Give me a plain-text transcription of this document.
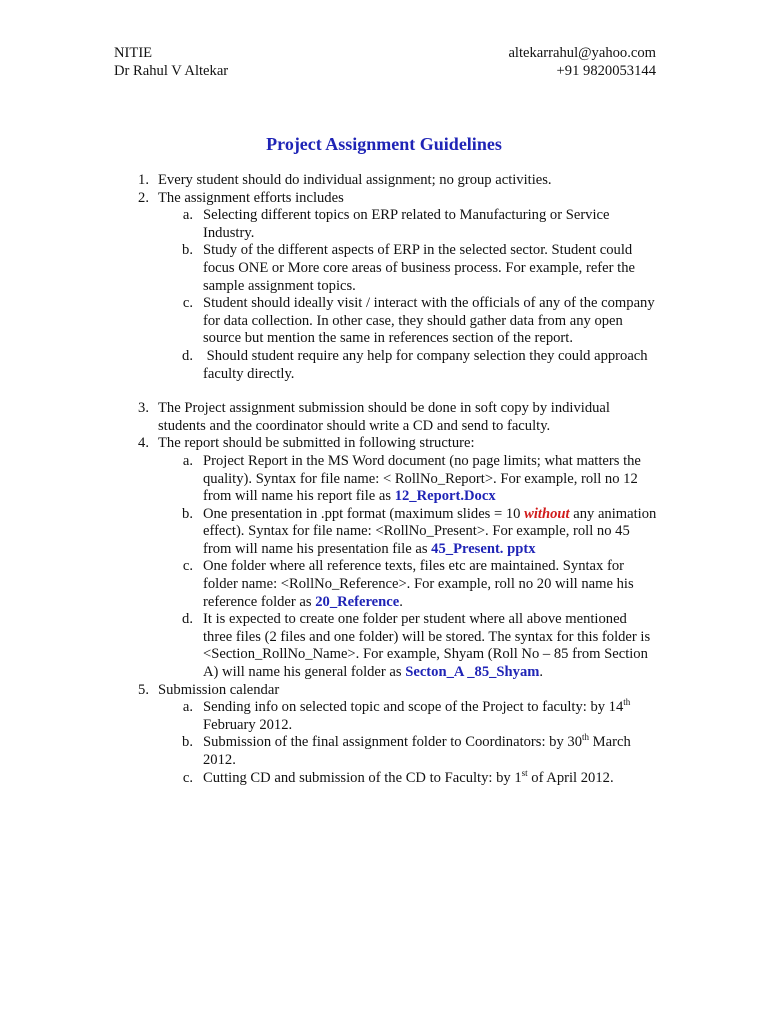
NITIE	altekarrahul@yahoo.com
Dr Rahul V Altekar	+91 9820053144
Project Assignment Guidelines
1. Every student should do individual assignment; no group activities.
2. The assignment efforts includes
a. Selecting different topics on ERP related to Manufacturing or Service Industry.
b. Study of the different aspects of ERP in the selected sector. Student could focus ONE or More core areas of business process. For example, refer the sample assignment topics.
c. Student should ideally visit / interact with the officials of any of the company for data collection. In other case, they should gather data from any open source but mention the same in references section of the report.
d. Should student require any help for company selection they could approach faculty directly.
3. The Project assignment submission should be done in soft copy by individual students and the coordinator should write a CD and send to faculty.
4. The report should be submitted in following structure:
a. Project Report in the MS Word document (no page limits; what matters the quality). Syntax for file name: < RollNo_Report>. For example, roll no 12 from will name his report file as 12_Report.Docx
b. One presentation in .ppt format (maximum slides = 10 without any animation effect). Syntax for file name: <RollNo_Present>. For example, roll no 45 from will name his presentation file as 45_Present. pptx
c. One folder where all reference texts, files etc are maintained. Syntax for folder name: <RollNo_Reference>. For example, roll no 20 will name his reference folder as 20_Reference.
d. It is expected to create one folder per student where all above mentioned three files (2 files and one folder) will be stored. The syntax for this folder is <Section_RollNo_Name>. For example, Shyam (Roll No – 85 from Section A) will name his general folder as Secton_A _85_Shyam.
5. Submission calendar
a. Sending info on selected topic and scope of the Project to faculty: by 14th February 2012.
b. Submission of the final assignment folder to Coordinators: by 30th March 2012.
c. Cutting CD and submission of the CD to Faculty: by 1st of April 2012.
